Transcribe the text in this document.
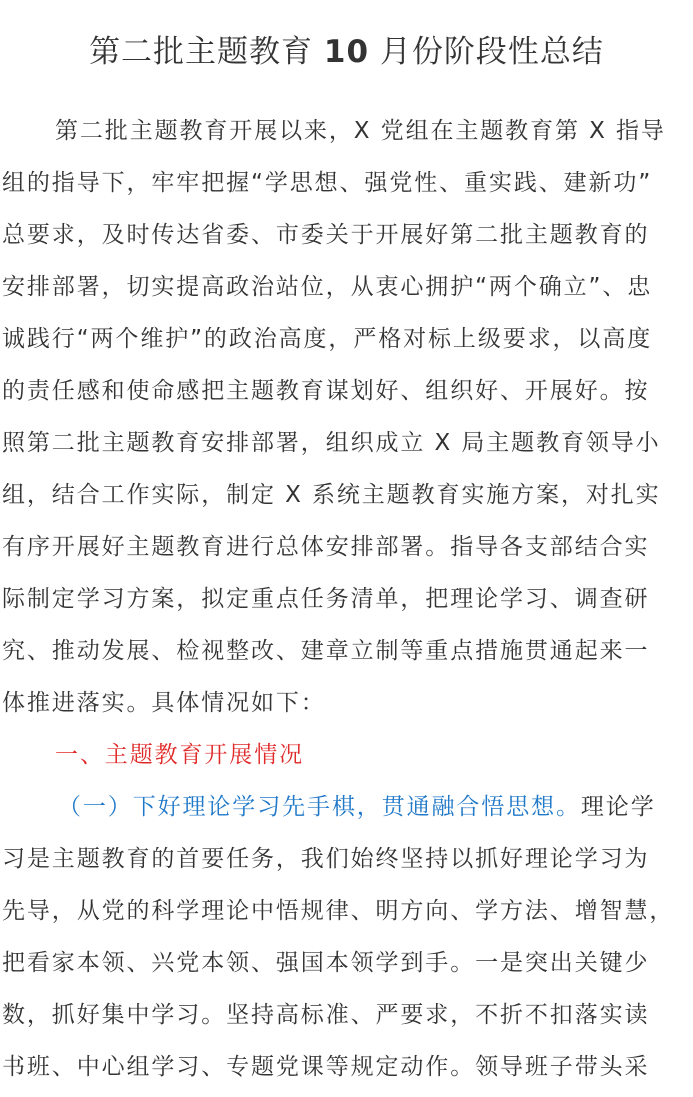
第二批主题教育 10 月份阶段性总结
第二批主题教育开展以来，X 党组在主题教育第 X 指导
组的指导下，牢牢把握“学思想、强党性、重实践、建新功”
总要求，及时传达省委、市委关于开展好第二批主题教育的
安排部署，切实提高政治站位，从衷心拥护“两个确立”、忠
诚践行“两个维护”的政治高度，严格对标上级要求，以高度
的责任感和使命感把主题教育谋划好、组织好、开展好。按
照第二批主题教育安排部署，组织成立 X 局主题教育领导小
组，结合工作实际，制定 X 系统主题教育实施方案，对扎实
有序开展好主题教育进行总体安排部署。指导各支部结合实
际制定学习方案，拟定重点任务清单，把理论学习、调查研
究、推动发展、检视整改、建章立制等重点措施贯通起来一
体推进落实。具体情况如下：
一、主题教育开展情况
（一）下好理论学习先手棋，贯通融合悟思想。理论学
习是主题教育的首要任务，我们始终坚持以抓好理论学习为
先导，从党的科学理论中悟规律、明方向、学方法、增智慧，
把看家本领、兴党本领、强国本领学到手。一是突出关键少
数，抓好集中学习。坚持高标准、严要求，不折不扣落实读
书班、中心组学习、专题党课等规定动作。领导班子带头采
